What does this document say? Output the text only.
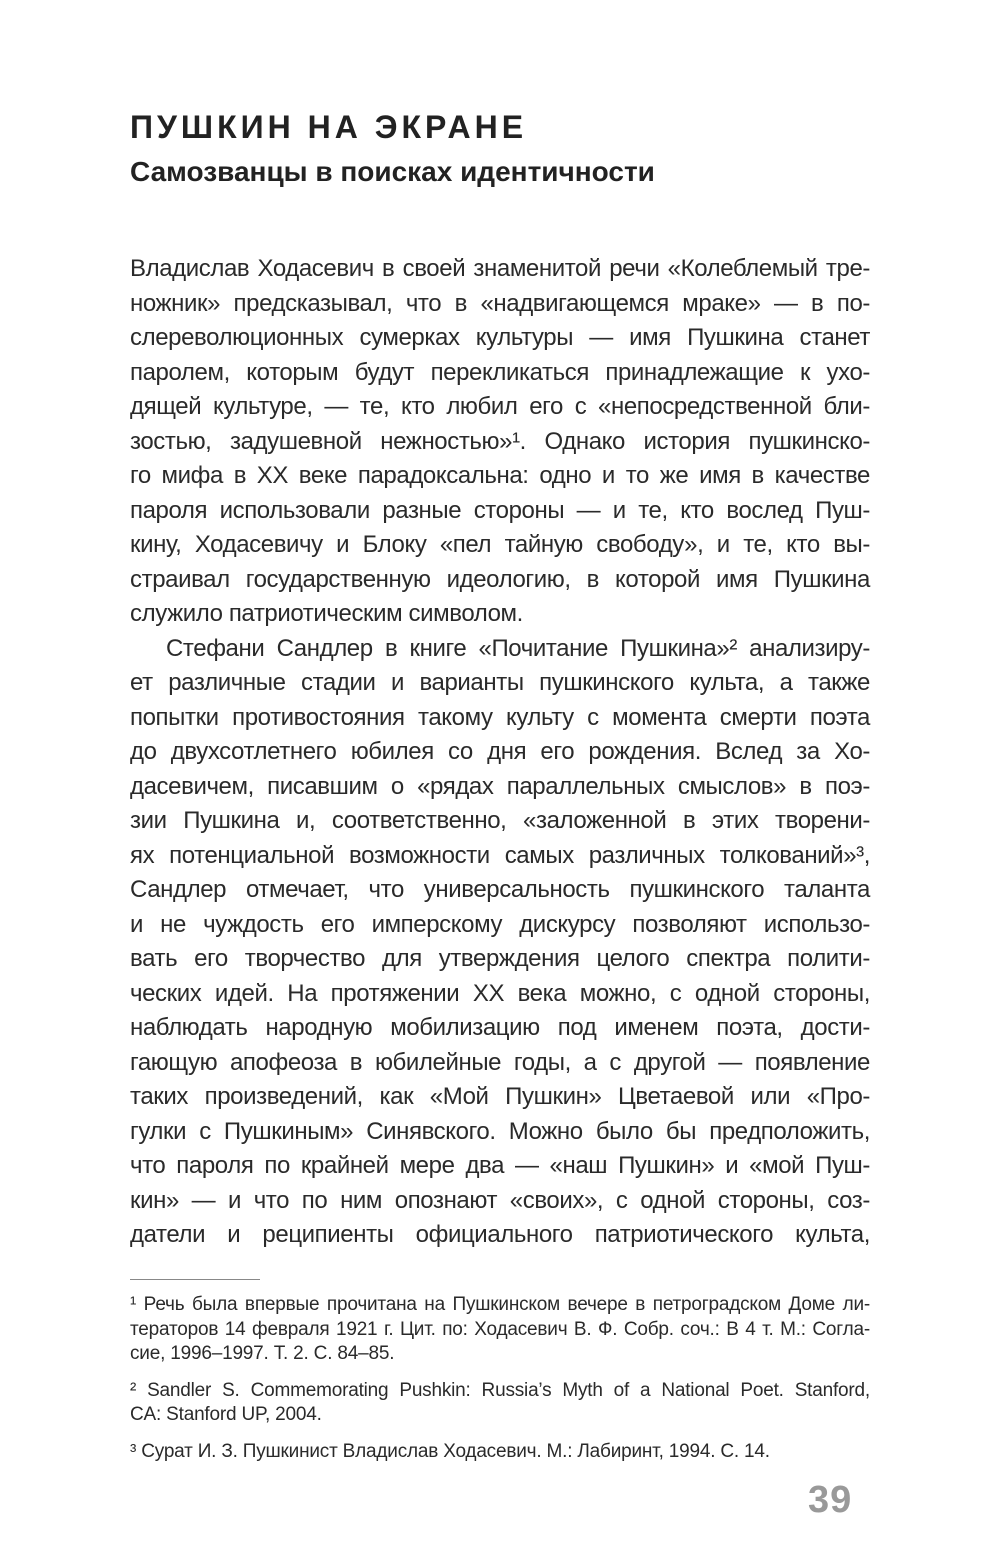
ПУШКИН НА ЭКРАНЕ
Самозванцы в поисках идентичности
Владислав Ходасевич в своей знаменитой речи «Колеблемый тре-
ножник» предсказывал, что в «надвигающемся мраке» — в по-
слереволюционных сумерках культуры — имя Пушкина станет
паролем, которым будут перекликаться принадлежащие к ухо-
дящей культуре, — те, кто любил его с «непосредственной бли-
зостью, задушевной нежностью»¹. Однако история пушкинско-
го мифа в XX веке парадоксальна: одно и то же имя в качестве
пароля использовали разные стороны — и те, кто вослед Пуш-
кину, Ходасевичу и Блоку «пел тайную свободу», и те, кто вы-
страивал государственную идеологию, в которой имя Пушкина
служило патриотическим символом.
Стефани Сандлер в книге «Почитание Пушкина»² анализиру-
ет различные стадии и варианты пушкинского культа, а также
попытки противостояния такому культу с момента смерти поэта
до двухсотлетнего юбилея со дня его рождения. Вслед за Хо-
дасевичем, писавшим о «рядах параллельных смыслов» в поэ-
зии Пушкина и, соответственно, «заложенной в этих творени-
ях потенциальной возможности самых различных толкований»³,
Сандлер отмечает, что универсальность пушкинского таланта
и не чуждость его имперскому дискурсу позволяют использо-
вать его творчество для утверждения целого спектра полити-
ческих идей. На протяжении XX века можно, с одной стороны,
наблюдать народную мобилизацию под именем поэта, дости-
гающую апофеоза в юбилейные годы, а с другой — появление
таких произведений, как «Мой Пушкин» Цветаевой или «Про-
гулки с Пушкиным» Синявского. Можно было бы предположить,
что пароля по крайней мере два — «наш Пушкин» и «мой Пуш-
кин» — и что по ним опознают «своих», с одной стороны, соз-
датели и реципиенты официального патриотического культа,
¹ Речь была впервые прочитана на Пушкинском вечере в петроградском Доме ли-
тераторов 14 февраля 1921 г. Цит. по: Ходасевич В. Ф. Собр. соч.: В 4 т. М.: Согла-
сие, 1996–1997. Т. 2. С. 84–85.
² Sandler S. Commemorating Pushkin: Russia’s Myth of a National Poet. Stanford,
CA: Stanford UP, 2004.
³ Сурат И. З. Пушкинист Владислав Ходасевич. М.: Лабиринт, 1994. С. 14.
39
